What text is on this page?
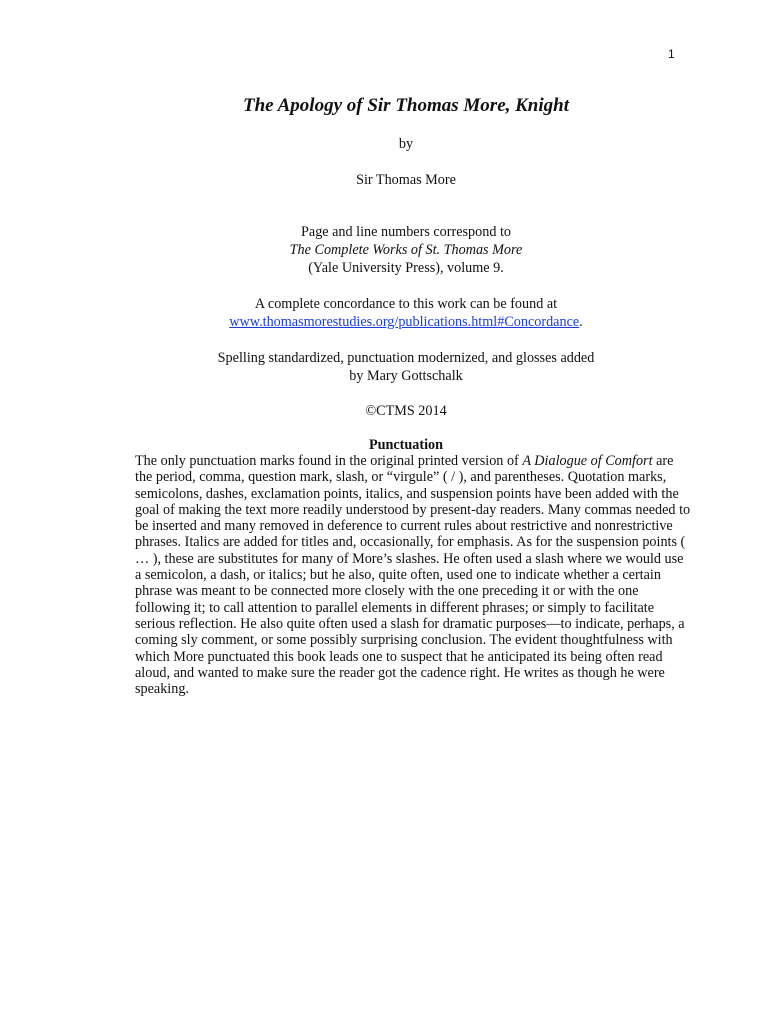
1
The Apology of Sir Thomas More, Knight
by
Sir Thomas More
Page and line numbers correspond to
The Complete Works of St. Thomas More
(Yale University Press), volume 9.
A complete concordance to this work can be found at
www.thomasmorestudies.org/publications.html#Concordance.
Spelling standardized, punctuation modernized, and glosses added
by Mary Gottschalk
©CTMS 2014
Punctuation
The only punctuation marks found in the original printed version of A Dialogue of Comfort are
the period, comma, question mark, slash, or “virgule” ( / ), and parentheses. Quotation marks,
semicolons, dashes, exclamation points, italics, and suspension points have been added with the
goal of making the text more readily understood by present-day readers. Many commas needed to
be inserted and many removed in deference to current rules about restrictive and nonrestrictive
phrases. Italics are added for titles and, occasionally, for emphasis. As for the suspension points (
… ), these are substitutes for many of More’s slashes. He often used a slash where we would use
a semicolon, a dash, or italics; but he also, quite often, used one to indicate whether a certain
phrase was meant to be connected more closely with the one preceding it or with the one
following it; to call attention to parallel elements in different phrases; or simply to facilitate
serious reflection. He also quite often used a slash for dramatic purposes—to indicate, perhaps, a
coming sly comment, or some possibly surprising conclusion. The evident thoughtfulness with
which More punctuated this book leads one to suspect that he anticipated its being often read
aloud, and wanted to make sure the reader got the cadence right. He writes as though he were
speaking.
